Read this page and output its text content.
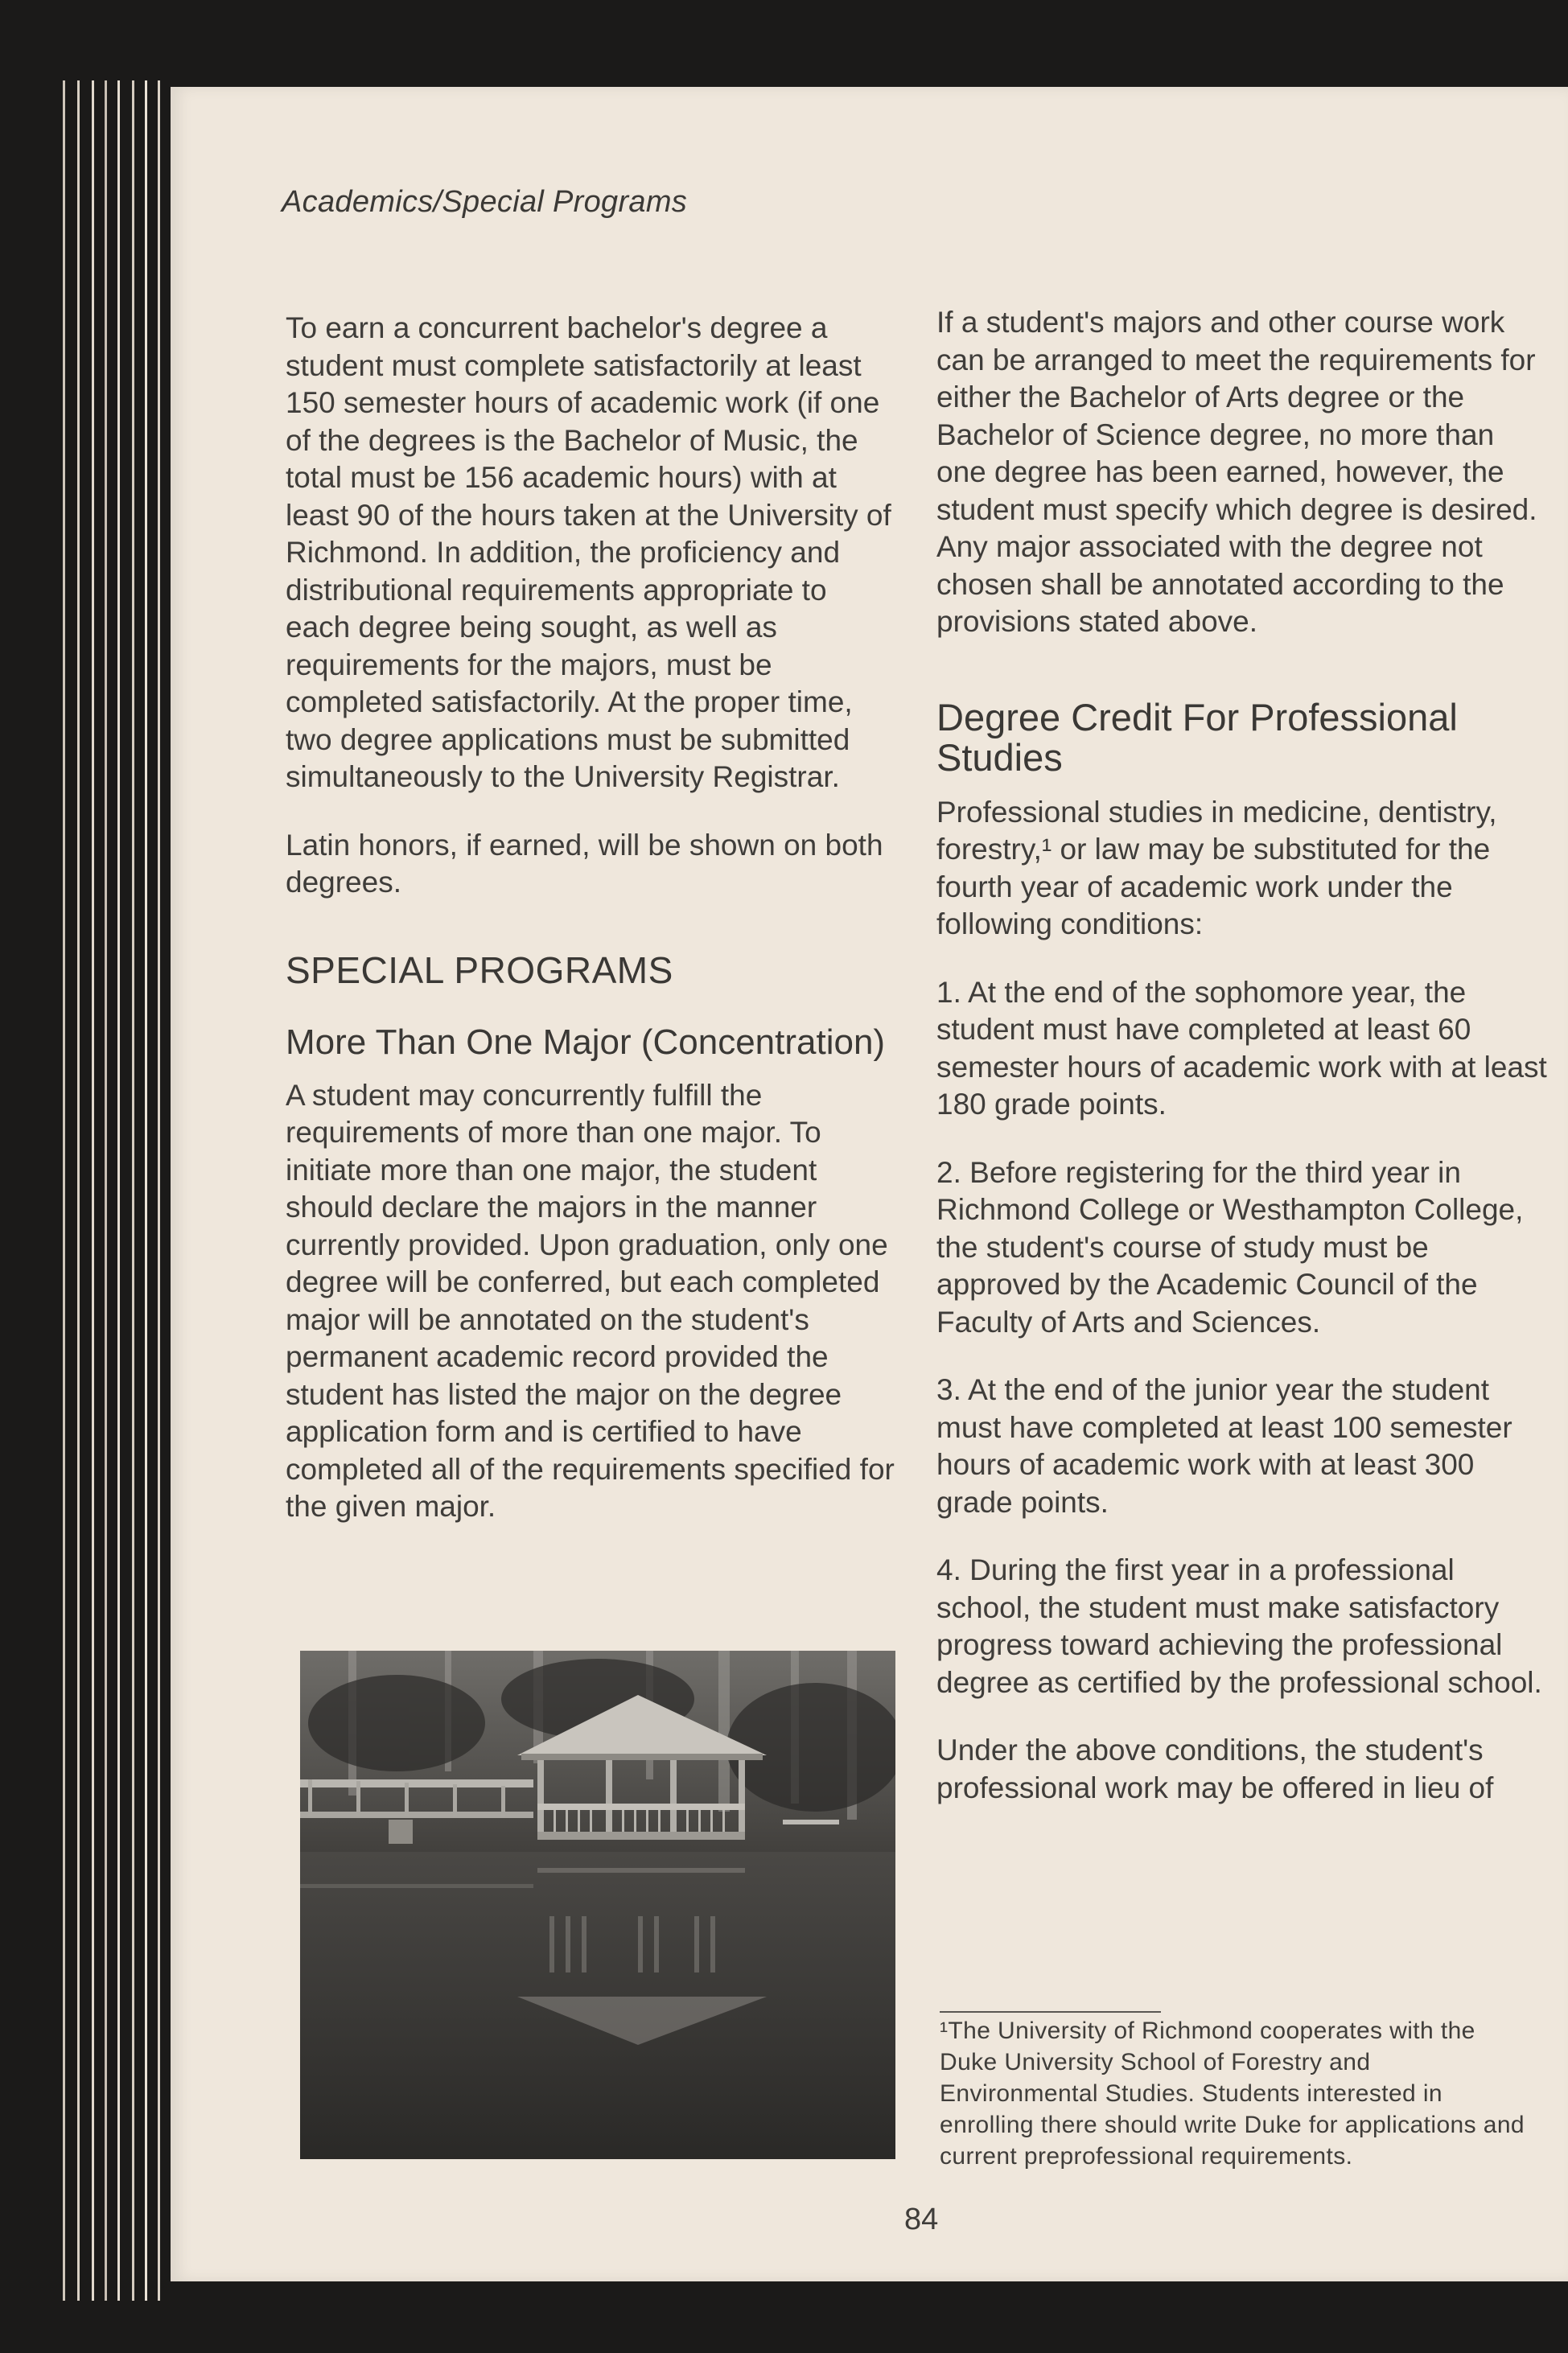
Academics/Special Programs

To earn a concurrent bachelor's degree a student must complete satisfactorily at least 150 semester hours of academic work (if one of the degrees is the Bachelor of Music, the total must be 156 academic hours) with at least 90 of the hours taken at the University of Richmond. In addition, the proficiency and distributional requirements appropriate to each degree being sought, as well as requirements for the majors, must be completed satisfactorily. At the proper time, two degree applications must be submitted simultaneously to the University Registrar.

Latin honors, if earned, will be shown on both degrees.

SPECIAL PROGRAMS
More Than One Major (Concentration)

A student may concurrently fulfill the requirements of more than one major. To initiate more than one major, the student should declare the majors in the manner currently provided. Upon graduation, only one degree will be conferred, but each completed major will be annotated on the student's permanent academic record provided the student has listed the major on the degree application form and is certified to have completed all of the requirements specified for the given major.

If a student's majors and other course work can be arranged to meet the requirements for either the Bachelor of Arts degree or the Bachelor of Science degree, no more than one degree has been earned, however, the student must specify which degree is desired. Any major associated with the degree not chosen shall be annotated according to the provisions stated above.

Degree Credit For Professional Studies

Professional studies in medicine, dentistry, forestry,¹ or law may be substituted for the fourth year of academic work under the following conditions:

1. At the end of the sophomore year, the student must have completed at least 60 semester hours of academic work with at least 180 grade points.

2. Before registering for the third year in Richmond College or Westhampton College, the student's course of study must be approved by the Academic Council of the Faculty of Arts and Sciences.

3. At the end of the junior year the student must have completed at least 100 semester hours of academic work with at least 300 grade points.

4. During the first year in a professional school, the student must make satisfactory progress toward achieving the professional degree as certified by the professional school.

Under the above conditions, the student's professional work may be offered in lieu of

¹The University of Richmond cooperates with the Duke University School of Forestry and Environmental Studies. Students interested in enrolling there should write Duke for applications and current preprofessional requirements.
84
